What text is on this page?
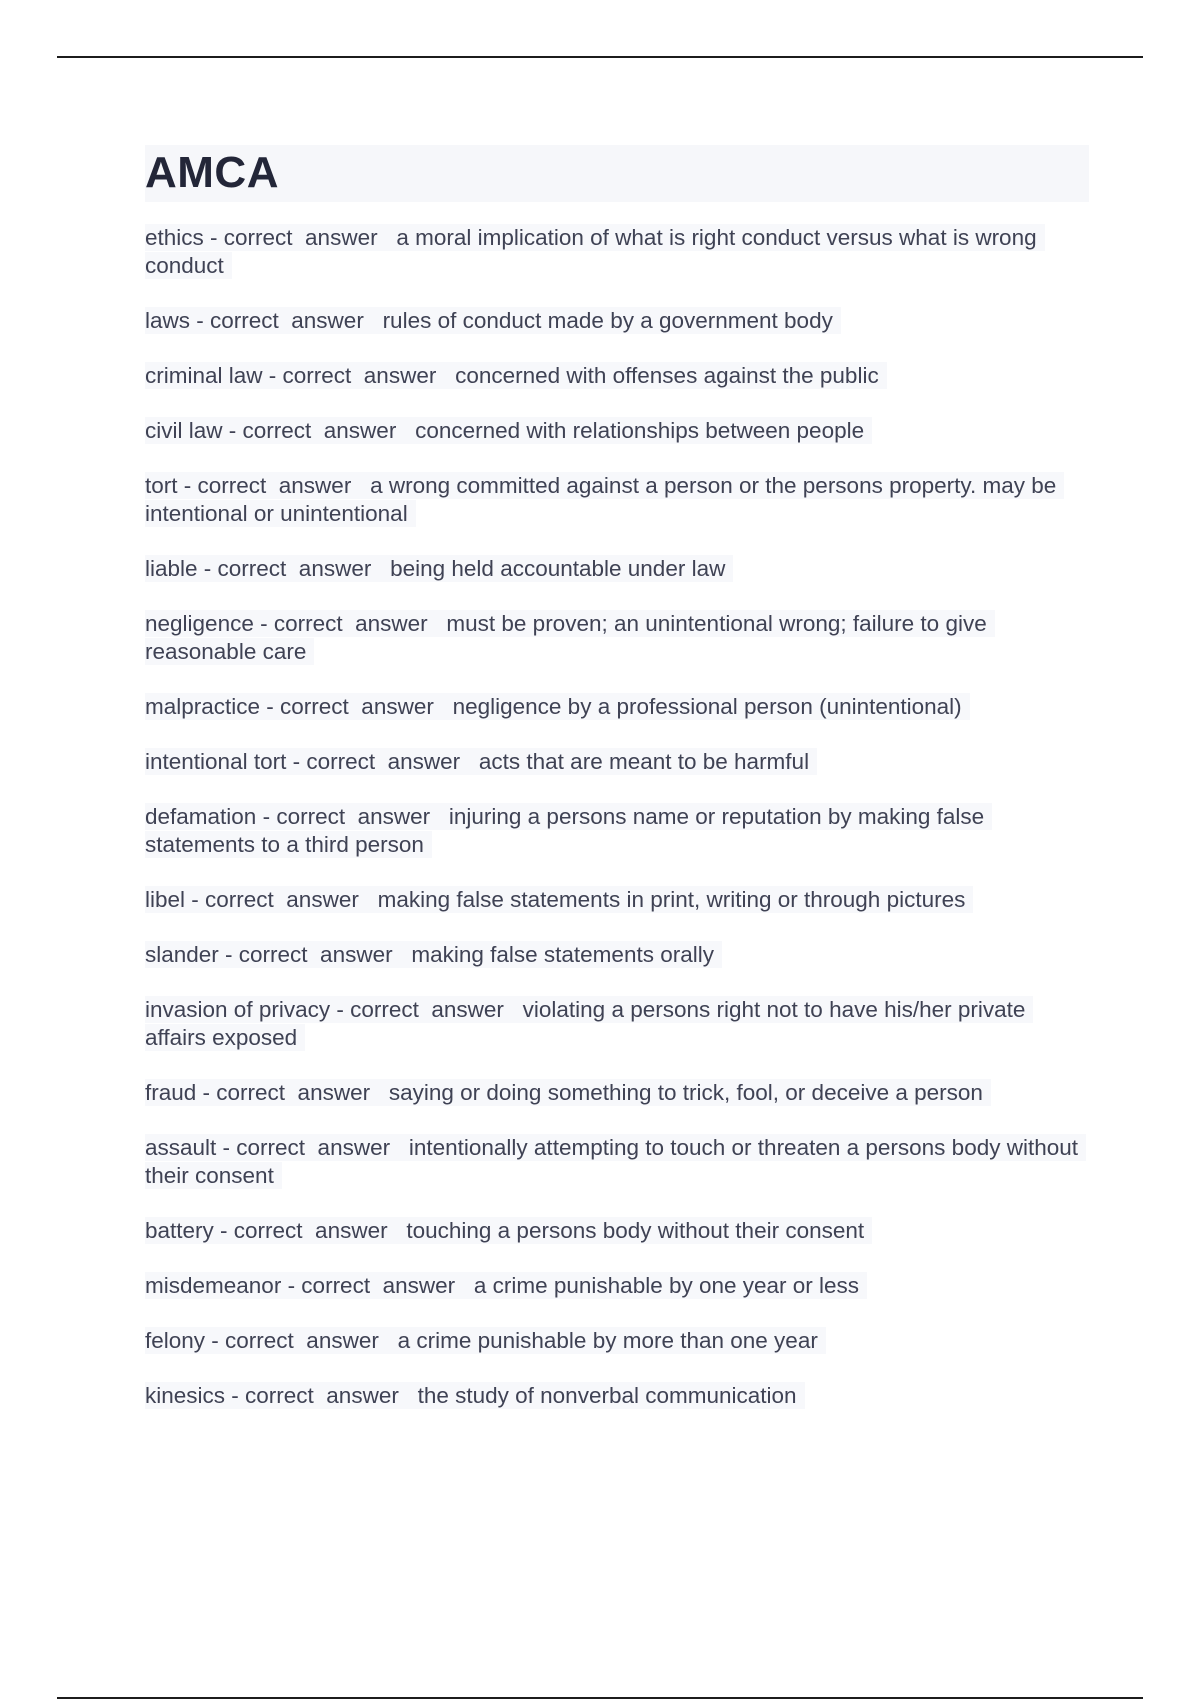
AMCA

ethics - correct  answer   a moral implication of what is right conduct versus what is wrong conduct

laws - correct  answer   rules of conduct made by a government body

criminal law - correct  answer   concerned with offenses against the public

civil law - correct  answer   concerned with relationships between people

tort - correct  answer   a wrong committed against a person or the persons property. may be intentional or unintentional

liable - correct  answer   being held accountable under law

negligence - correct  answer   must be proven; an unintentional wrong; failure to give reasonable care

malpractice - correct  answer   negligence by a professional person (unintentional)

intentional tort - correct  answer   acts that are meant to be harmful

defamation - correct  answer   injuring a persons name or reputation by making false statements to a third person

libel - correct  answer   making false statements in print, writing or through pictures

slander - correct  answer   making false statements orally

invasion of privacy - correct  answer   violating a persons right not to have his/her private affairs exposed

fraud - correct  answer   saying or doing something to trick, fool, or deceive a person

assault - correct  answer   intentionally attempting to touch or threaten a persons body without their consent

battery - correct  answer   touching a persons body without their consent

misdemeanor - correct  answer   a crime punishable by one year or less

felony - correct  answer   a crime punishable by more than one year

kinesics - correct  answer   the study of nonverbal communication
